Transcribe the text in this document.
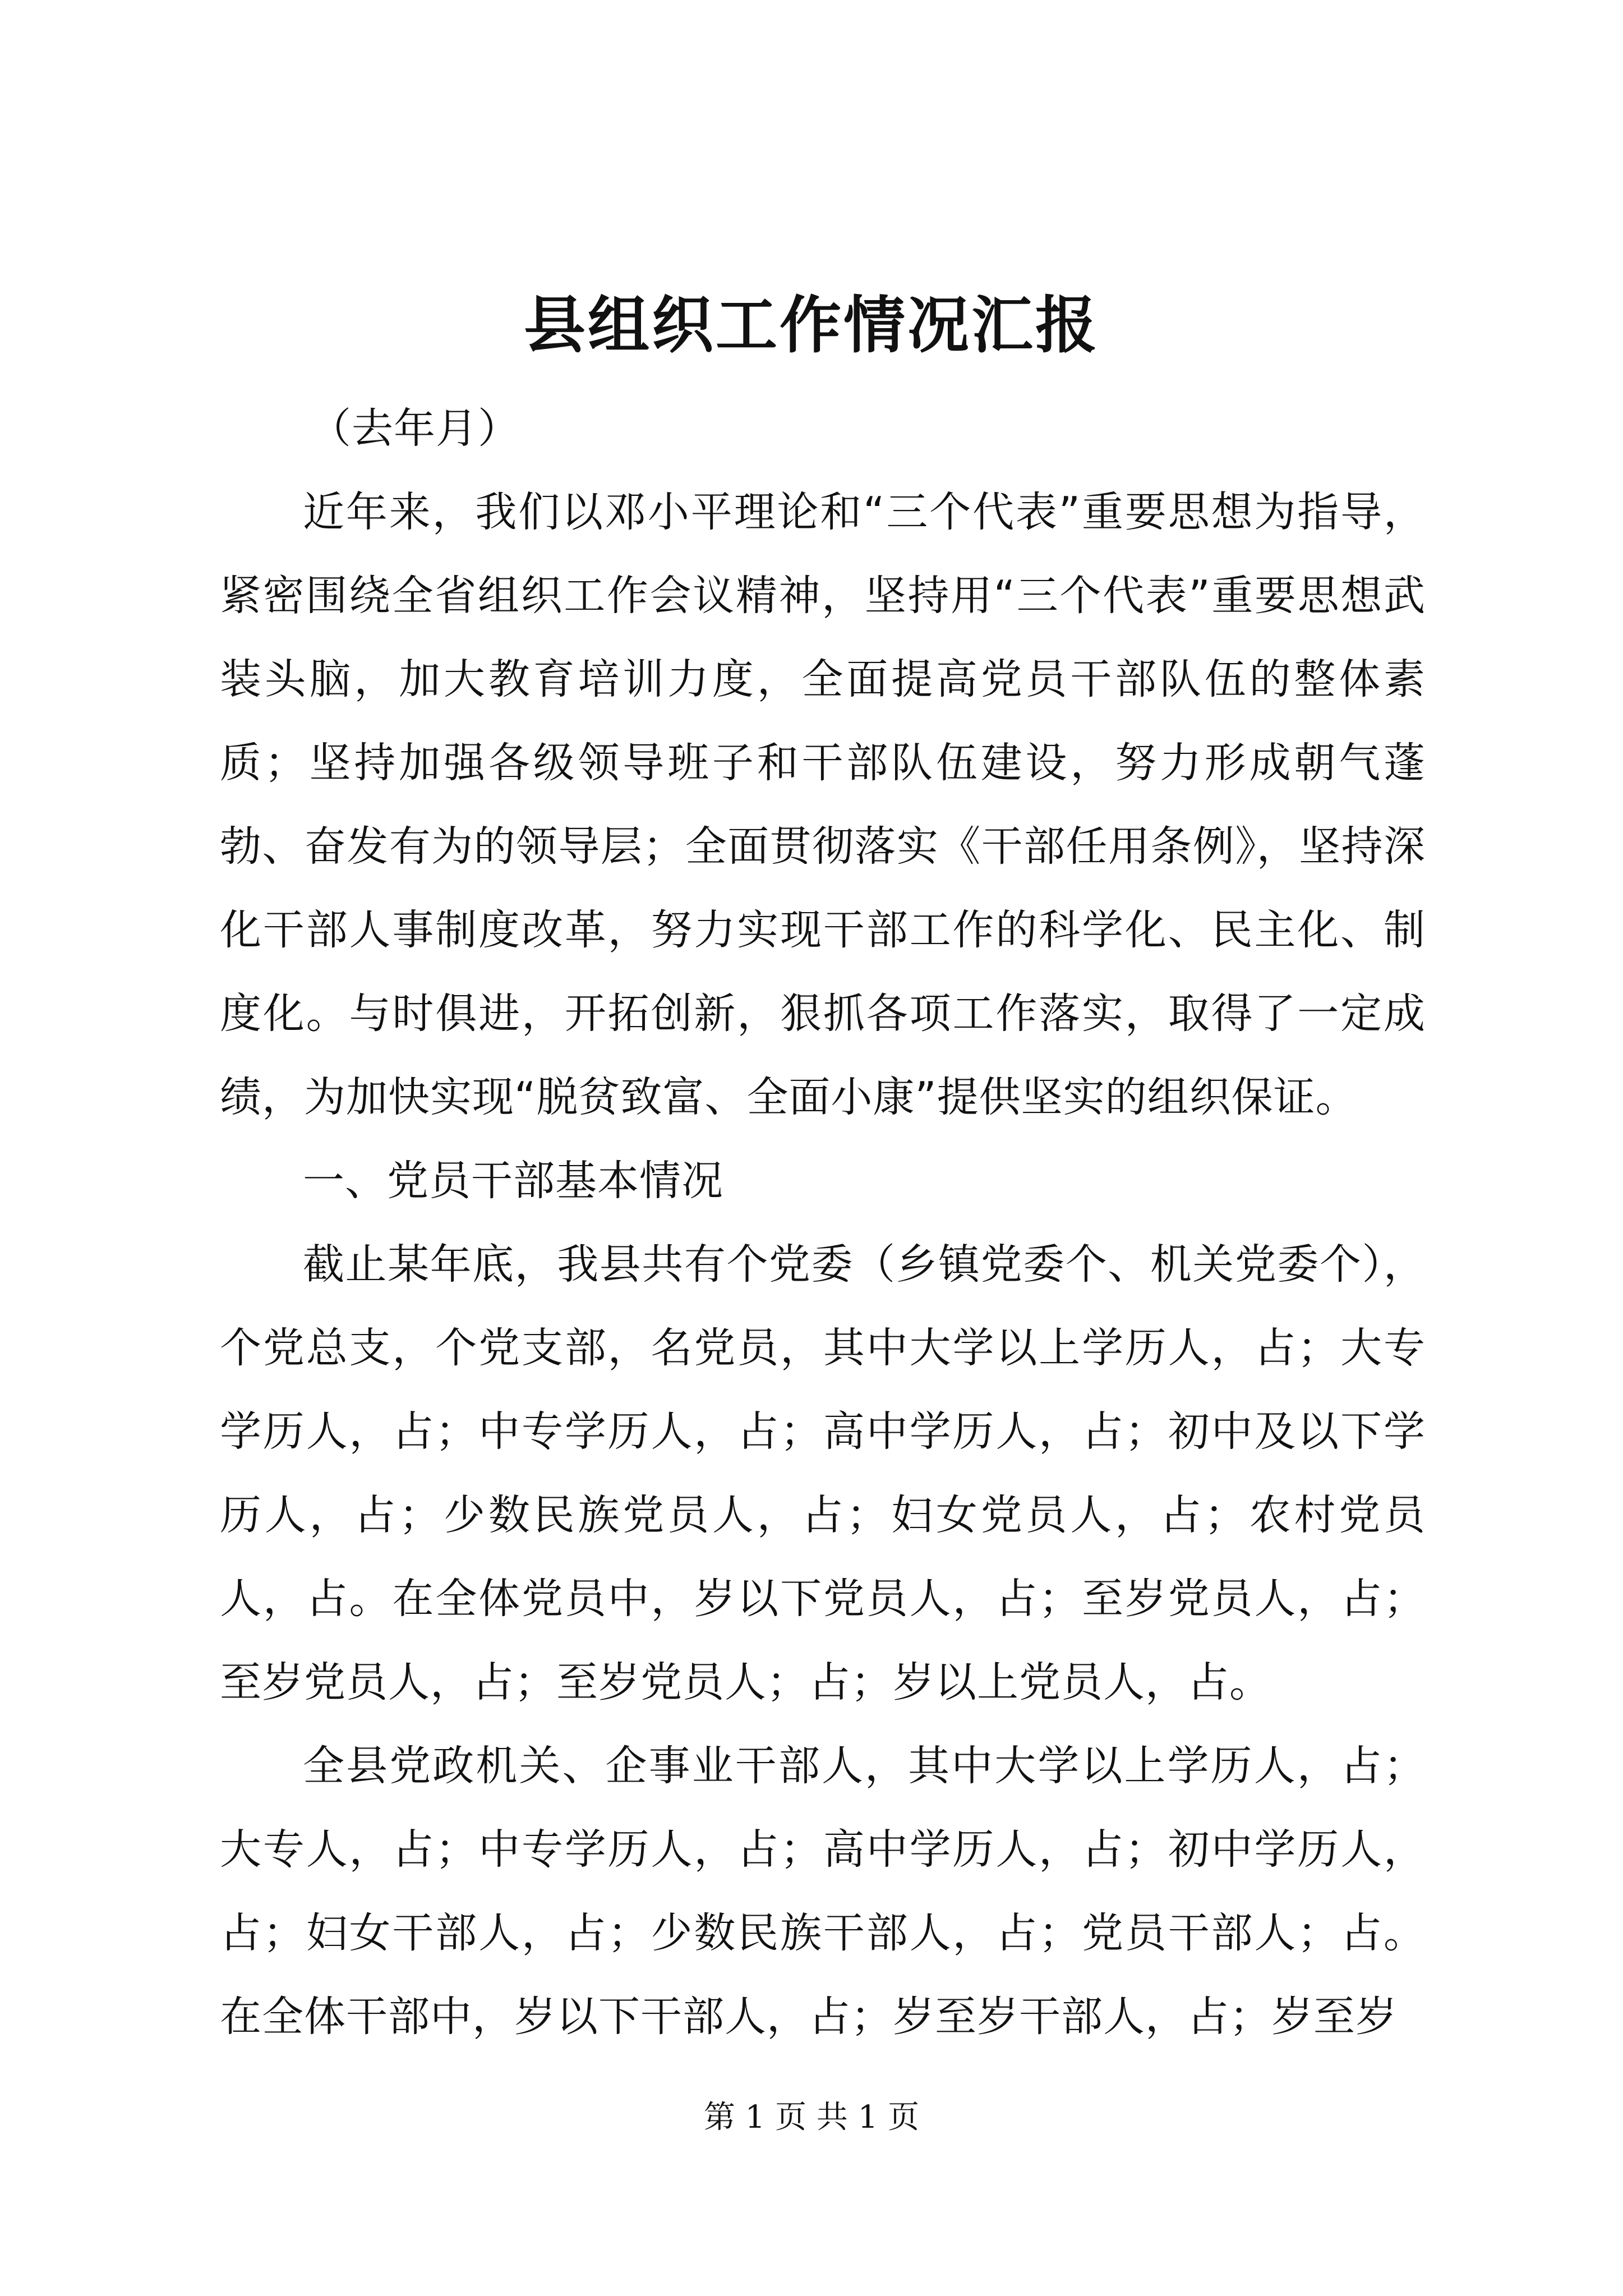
县组织工作情况汇报

（去年月）

近年来，我们以邓小平理论和“三个代表”重要思想为指导，紧密围绕全省组织工作会议精神，坚持用“三个代表”重要思想武装头脑，加大教育培训力度，全面提高党员干部队伍的整体素质；坚持加强各级领导班子和干部队伍建设，努力形成朝气蓬勃、奋发有为的领导层；全面贯彻落实《干部任用条例》，坚持深化干部人事制度改革，努力实现干部工作的科学化、民主化、制度化。与时俱进，开拓创新，狠抓各项工作落实，取得了一定成绩，为加快实现“脱贫致富、全面小康”提供坚实的组织保证。

一、党员干部基本情况

截止某年底，我县共有个党委（乡镇党委个、机关党委个），个党总支，个党支部，名党员，其中大学以上学历人，占；大专学历人，占；中专学历人，占；高中学历人，占；初中及以下学历人，占；少数民族党员人，占；妇女党员人，占；农村党员人，占。在全体党员中，岁以下党员人，占；至岁党员人，占；至岁党员人，占；至岁党员人；占；岁以上党员人，占。

全县党政机关、企事业干部人，其中大学以上学历人，占；大专人，占；中专学历人，占；高中学历人，占；初中学历人，占；妇女干部人，占；少数民族干部人，占；党员干部人；占。在全体干部中，岁以下干部人，占；岁至岁干部人，占；岁至岁

第 1 页 共 1 页
